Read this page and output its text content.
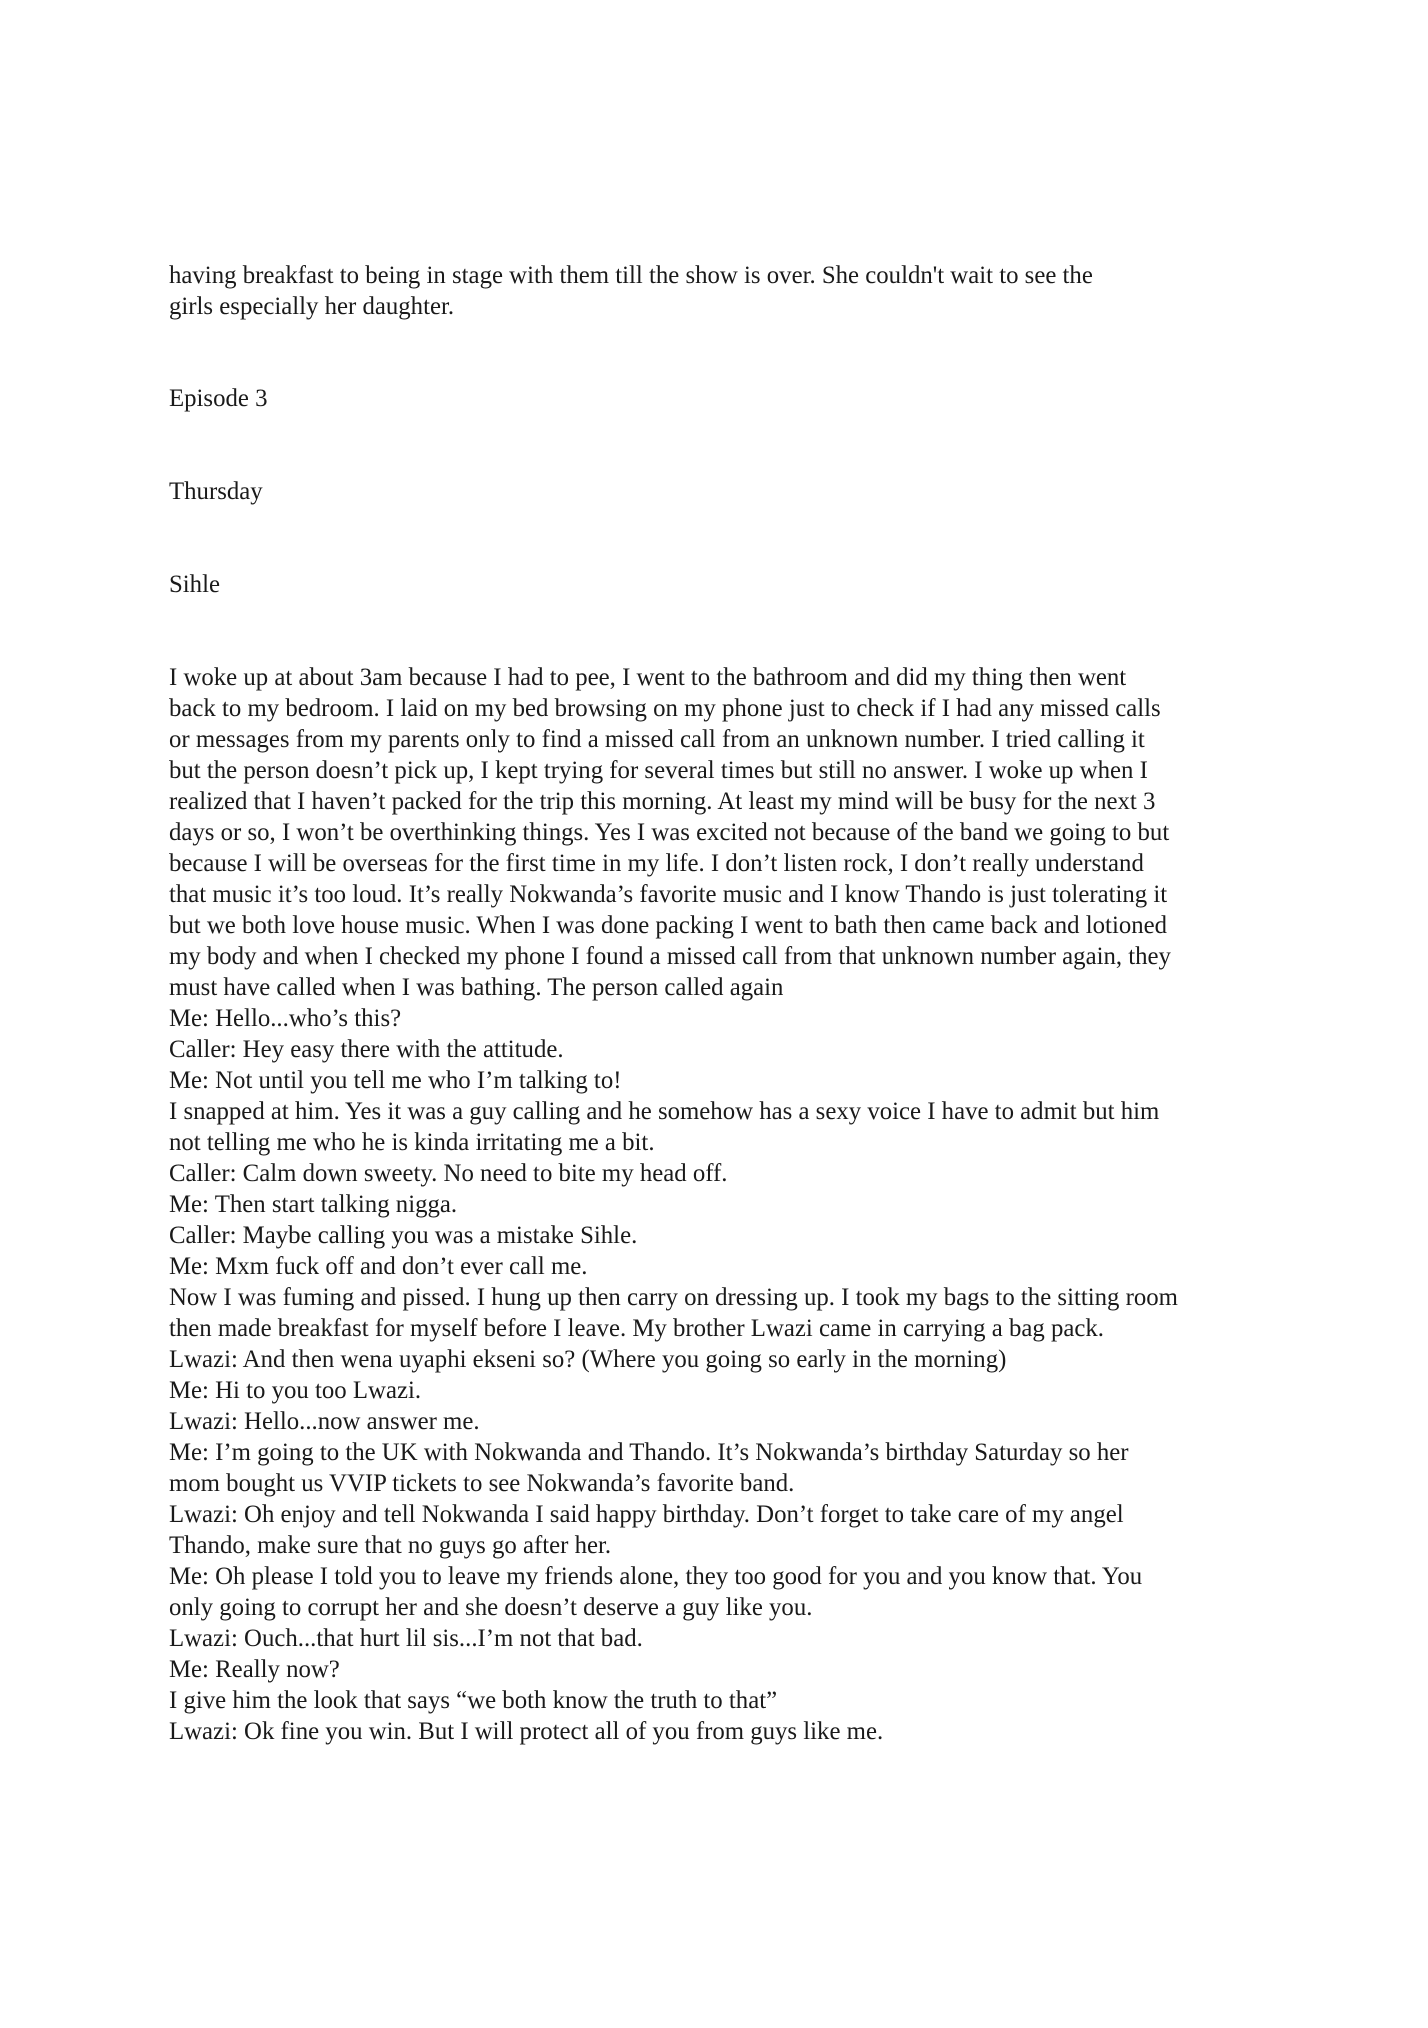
having breakfast to being in stage with them till the show is over. She couldn't wait to see the
girls especially her daughter.
Episode 3
Thursday
Sihle
I woke up at about 3am because I had to pee, I went to the bathroom and did my thing then went
back to my bedroom. I laid on my bed browsing on my phone just to check if I had any missed calls
or messages from my parents only to find a missed call from an unknown number. I tried calling it
but the person doesn’t pick up, I kept trying for several times but still no answer. I woke up when I
realized that I haven’t packed for the trip this morning. At least my mind will be busy for the next 3
days or so, I won’t be overthinking things. Yes I was excited not because of the band we going to but
because I will be overseas for the first time in my life. I don’t listen rock, I don’t really understand
that music it’s too loud. It’s really Nokwanda’s favorite music and I know Thando is just tolerating it
but we both love house music. When I was done packing I went to bath then came back and lotioned
my body and when I checked my phone I found a missed call from that unknown number again, they
must have called when I was bathing. The person called again
Me: Hello...who’s this?
Caller: Hey easy there with the attitude.
Me: Not until you tell me who I’m talking to!
I snapped at him. Yes it was a guy calling and he somehow has a sexy voice I have to admit but him
not telling me who he is kinda irritating me a bit.
Caller: Calm down sweety. No need to bite my head off.
Me: Then start talking nigga.
Caller: Maybe calling you was a mistake Sihle.
Me: Mxm fuck off and don’t ever call me.
Now I was fuming and pissed. I hung up then carry on dressing up. I took my bags to the sitting room
then made breakfast for myself before I leave. My brother Lwazi came in carrying a bag pack.
Lwazi: And then wena uyaphi ekseni so? (Where you going so early in the morning)
Me: Hi to you too Lwazi.
Lwazi: Hello...now answer me.
Me: I’m going to the UK with Nokwanda and Thando. It’s Nokwanda’s birthday Saturday so her
mom bought us VVIP tickets to see Nokwanda’s favorite band.
Lwazi: Oh enjoy and tell Nokwanda I said happy birthday. Don’t forget to take care of my angel
Thando, make sure that no guys go after her.
Me: Oh please I told you to leave my friends alone, they too good for you and you know that. You
only going to corrupt her and she doesn’t deserve a guy like you.
Lwazi: Ouch...that hurt lil sis...I’m not that bad.
Me: Really now?
I give him the look that says “we both know the truth to that”
Lwazi: Ok fine you win. But I will protect all of you from guys like me.
